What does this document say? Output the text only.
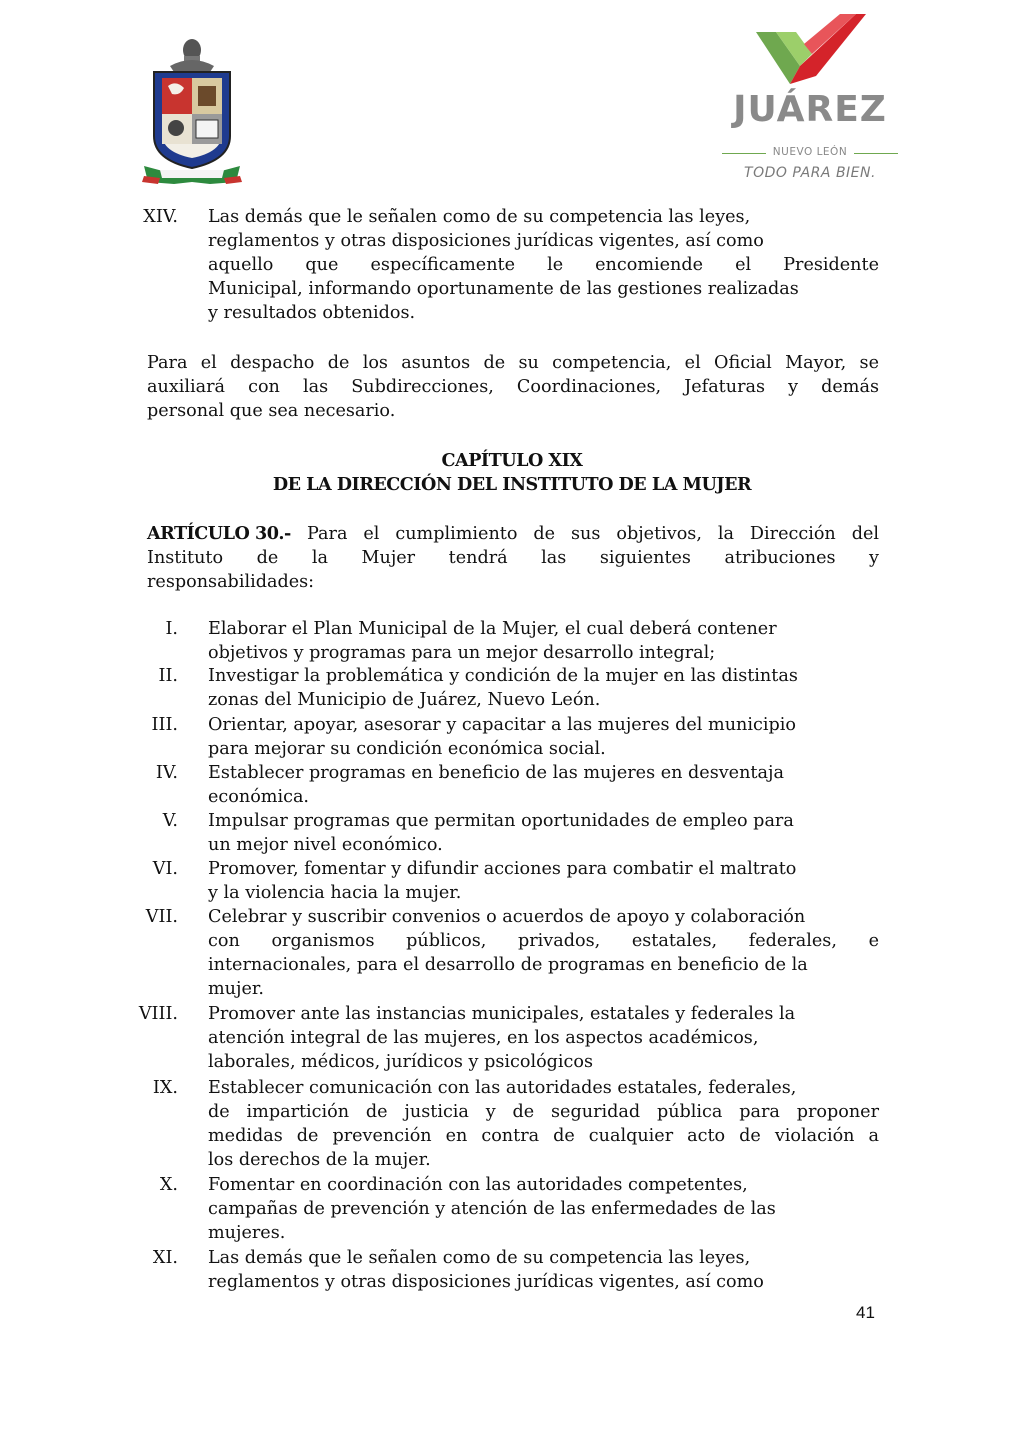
JUÁREZ
NUEVO LEÓN
TODO PARA BIEN.
XIV. Las demás que le señalen como de su competencia las leyes,
reglamentos y otras disposiciones jurídicas vigentes, así como
aquello que específicamente le encomiende el Presidente
Municipal, informando oportunamente de las gestiones realizadas
y resultados obtenidos.
Para el despacho de los asuntos de su competencia, el Oficial Mayor, se
auxiliará con las Subdirecciones, Coordinaciones, Jefaturas y demás
personal que sea necesario.
CAPÍTULO XIX
DE LA DIRECCIÓN DEL INSTITUTO DE LA MUJER
ARTÍCULO 30.- Para el cumplimiento de sus objetivos, la Dirección del
Instituto de la Mujer tendrá las siguientes atribuciones y
responsabilidades:
I. Elaborar el Plan Municipal de la Mujer, el cual deberá contener
objetivos y programas para un mejor desarrollo integral;
II. Investigar la problemática y condición de la mujer en las distintas
zonas del Municipio de Juárez, Nuevo León.
III. Orientar, apoyar, asesorar y capacitar a las mujeres del municipio
para mejorar su condición económica social.
IV. Establecer programas en beneficio de las mujeres en desventaja
económica.
V. Impulsar programas que permitan oportunidades de empleo para
un mejor nivel económico.
VI. Promover, fomentar y difundir acciones para combatir el maltrato
y la violencia hacia la mujer.
VII. Celebrar y suscribir convenios o acuerdos de apoyo y colaboración
con organismos públicos, privados, estatales, federales, e
internacionales, para el desarrollo de programas en beneficio de la
mujer.
VIII. Promover ante las instancias municipales, estatales y federales la
atención integral de las mujeres, en los aspectos académicos,
laborales, médicos, jurídicos y psicológicos
IX. Establecer comunicación con las autoridades estatales, federales,
de impartición de justicia y de seguridad pública para proponer
medidas de prevención en contra de cualquier acto de violación a
los derechos de la mujer.
X. Fomentar en coordinación con las autoridades competentes,
campañas de prevención y atención de las enfermedades de las
mujeres.
XI. Las demás que le señalen como de su competencia las leyes,
reglamentos y otras disposiciones jurídicas vigentes, así como
41
